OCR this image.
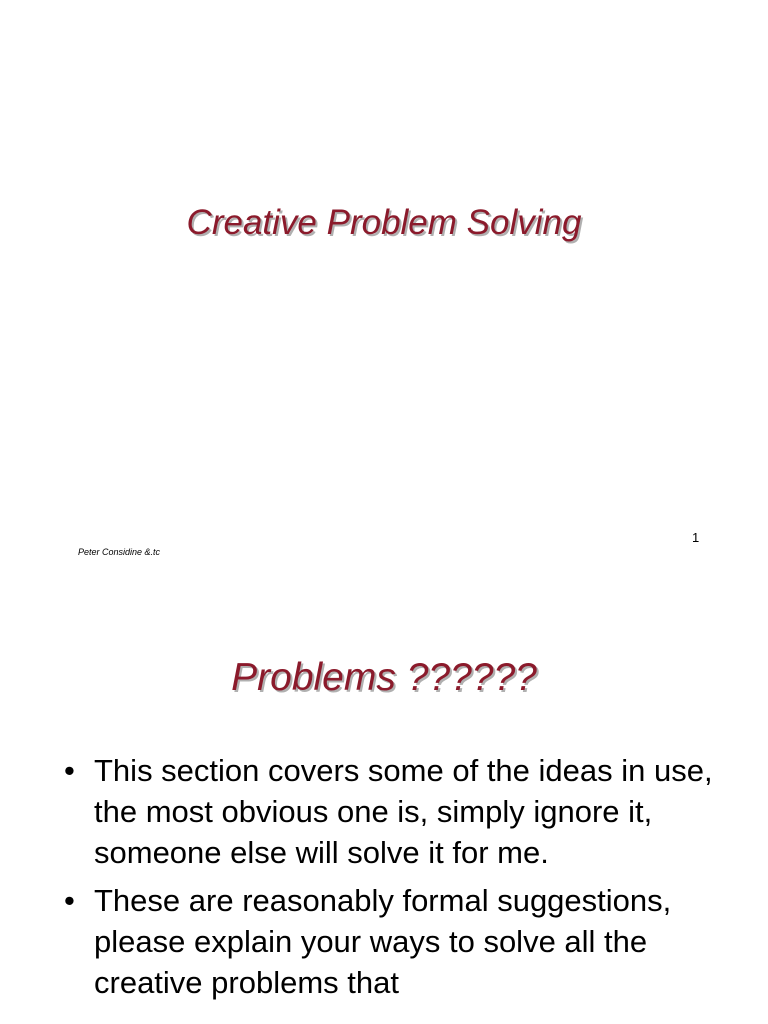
Creative Problem Solving
1
Peter Considine &.tc
Problems ??????
• This section covers some of the ideas in use, the most obvious one is, simply ignore it, someone else will solve it for me.
• These are reasonably formal suggestions, please explain your ways to solve all the creative problems that
